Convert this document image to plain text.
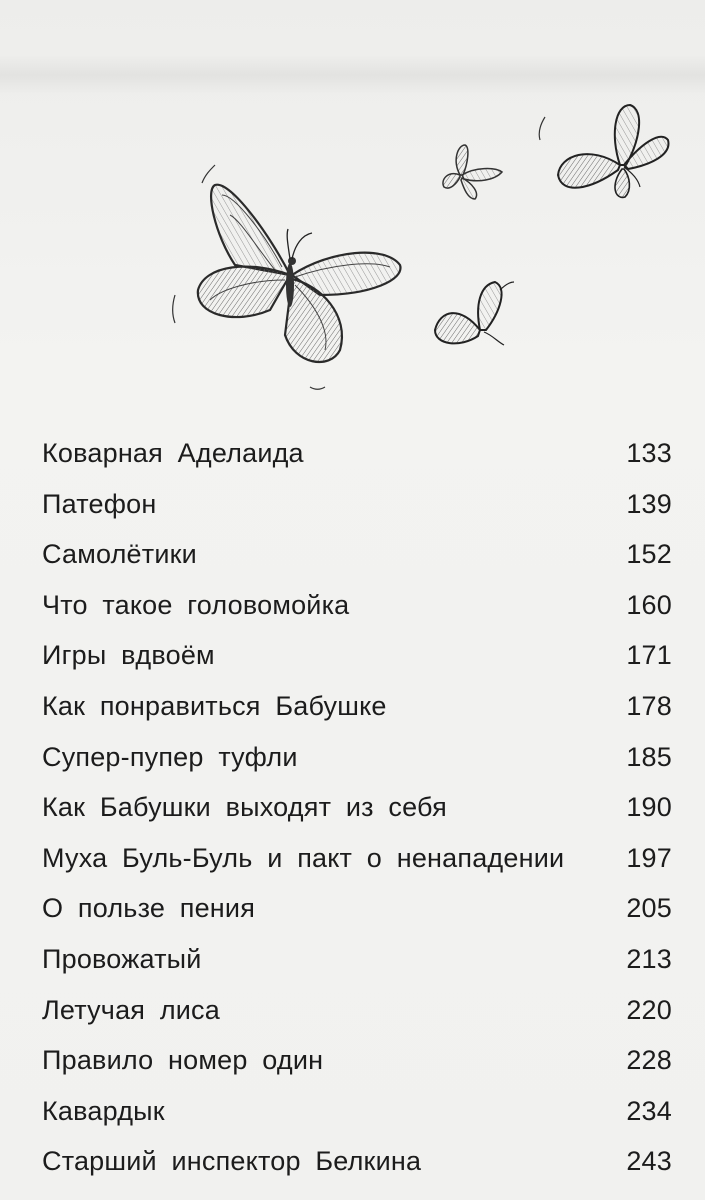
Коварная Аделаида	133
Патефон	139
Самолётики	152
Что такое головомойка	160
Игры вдвоём	171
Как понравиться Бабушке	178
Супер-пупер туфли	185
Как Бабушки выходят из себя	190
Муха Буль-Буль и пакт о ненападении	197
О пользе пения	205
Провожатый	213
Летучая лиса	220
Правило номер один	228
Кавардык	234
Старший инспектор Белкина	243
